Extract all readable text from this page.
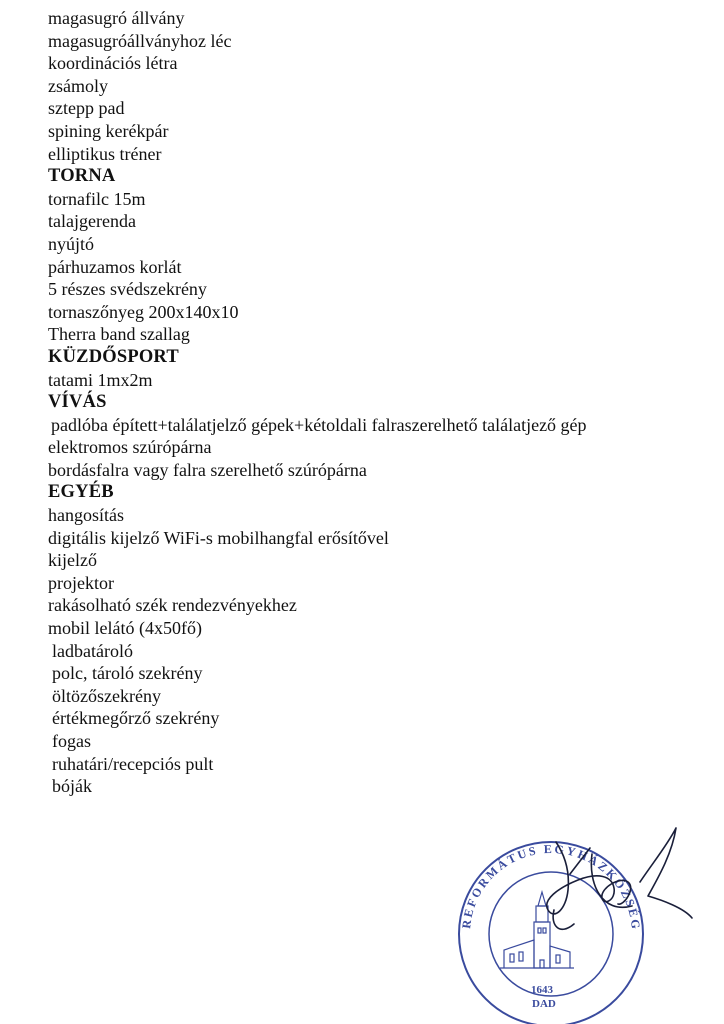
magasugró állvány
magasugróállványhoz léc
koordinációs létra
zsámoly
sztepp pad
spining kerékpár
elliptikus tréner
TORNA
tornafilc 15m
talajgerenda
nyújtó
párhuzamos korlát
5 részes svédszekrény
tornaszőnyeg 200x140x10
Therra band szallag
KÜZDŐSPORT
tatami 1mx2m
VÍVÁS
padlóba épített+találatjelző gépek+kétoldali falraszerelhető találatjező gép
elektromos szúrópárna
bordásfalra vagy falra szerelhető szúrópárna
EGYÉB
hangosítás
digitális kijelző WiFi-s mobilhangfal erősítővel
kijelző
projektor
rakásolható szék rendezvényekhez
mobil lelátó (4x50fő)
ladbatároló
polc, tároló szekrény
öltözőszekrény
értékmegőrző szekrény
fogas
ruhatári/recepciós pult
bóják
REFORMÁTUS EGYHÁZKÖZSÉG
1643
DAD
